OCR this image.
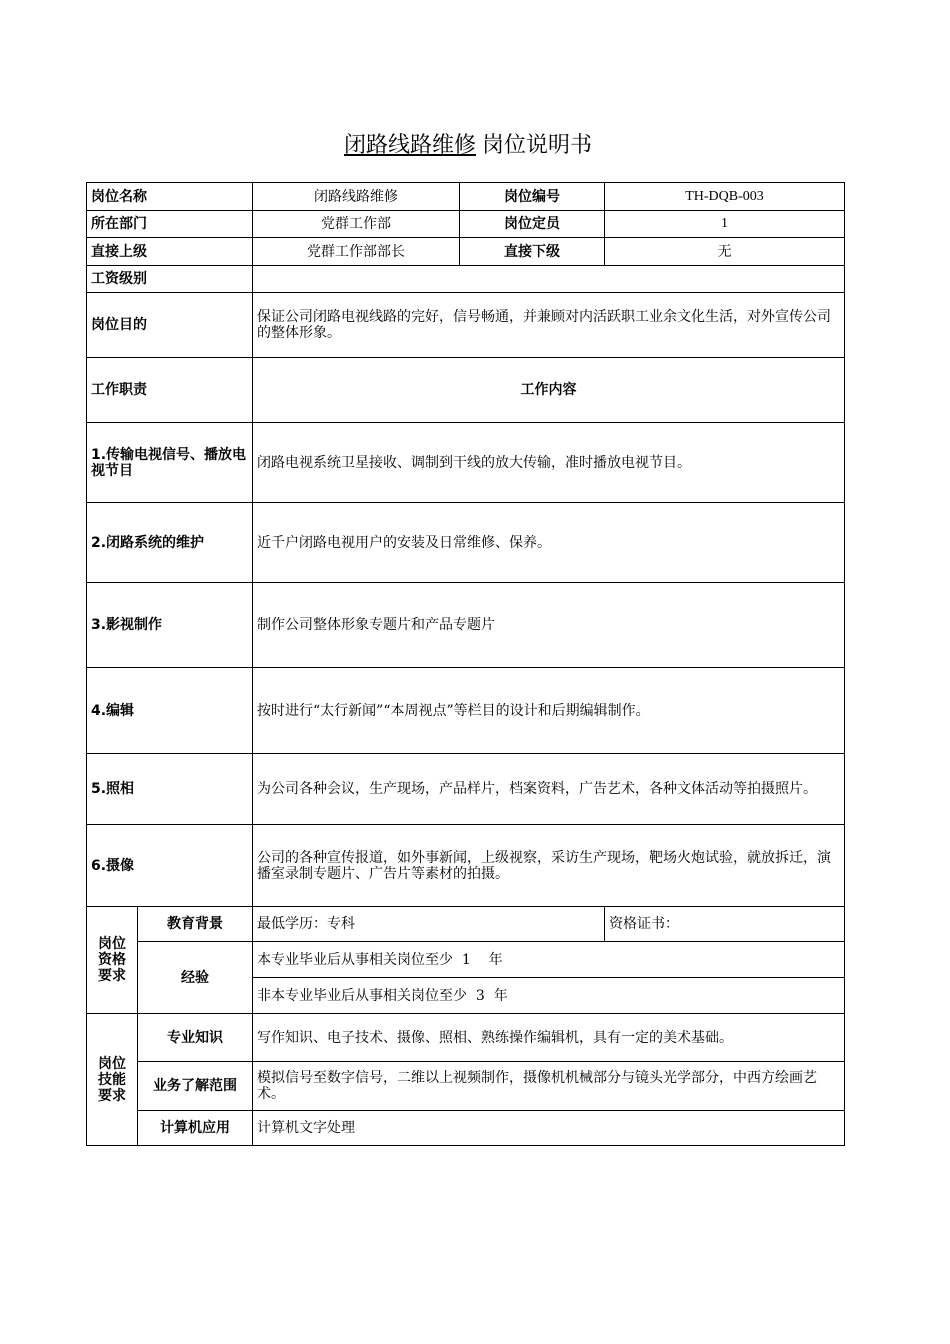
闭路线路维修 岗位说明书
岗位名称		闭路线路维修	岗位编号	TH-DQB-003
所在部门		党群工作部	岗位定员	1
直接上级		党群工作部部长	直接下级	无
工资级别				
岗位目的		保证公司闭路电视线路的完好，信号畅通，并兼顾对内活跃职工业余文化生活，对外宣传公司的整体形象。		
工作职责		工作内容		
1.传输电视信号、播放电视节目		闭路电视系统卫星接收、调制到干线的放大传输，准时播放电视节目。		
2.闭路系统的维护		近千户闭路电视用户的安装及日常维修、保养。		
3.影视制作		制作公司整体形象专题片和产品专题片		
4.编辑		按时进行“太行新闻”“本周视点”等栏目的设计和后期编辑制作。		
5.照相		为公司各种会议，生产现场，产品样片，档案资料，广告艺术，各种文体活动等拍摄照片。		
6.摄像		公司的各种宣传报道，如外事新闻，上级视察，采访生产现场，靶场火炮试验，就放拆迁，演播室录制专题片、广告片等素材的拍摄。		

岗位
资格
要求	教育背景	最低学历：专科		资格证书：
	经验	本专业毕业后从事相关岗位至少  1    年		
		非本专业毕业后从事相关岗位至少  3  年		

岗位
技能
要求	专业知识	写作知识、电子技术、摄像、照相、熟练操作编辑机，具有一定的美术基础。		
	业务了解范围	模拟信号至数字信号，二维以上视频制作，摄像机机械部分与镜头光学部分，中西方绘画艺术。		
	计算机应用	计算机文字处理		
